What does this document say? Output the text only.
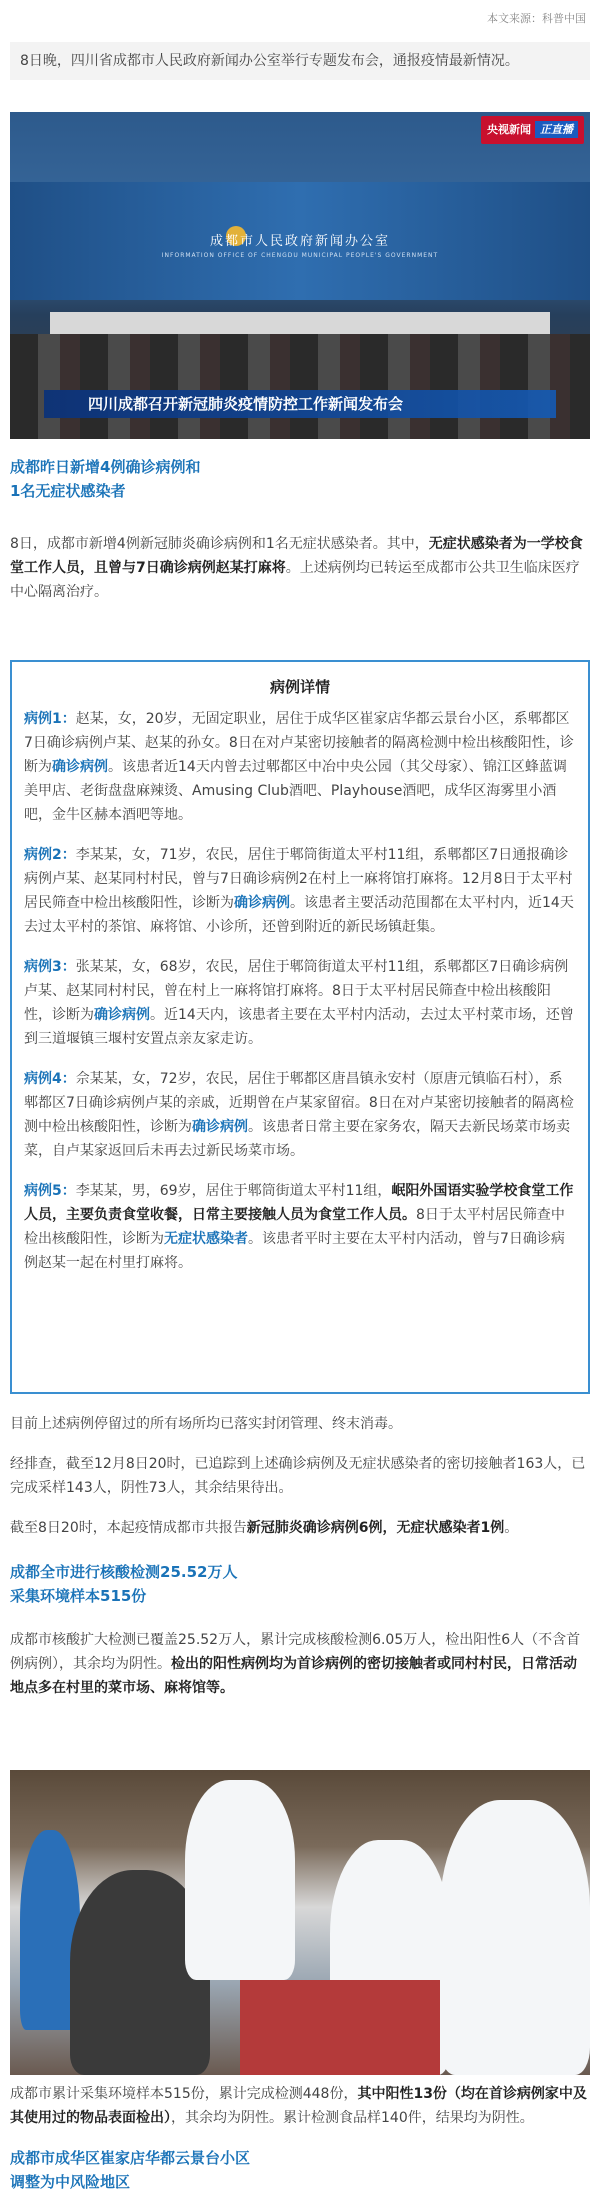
本文来源：科普中国
8日晚，四川省成都市人民政府新闻办公室举行专题发布会，通报疫情最新情况。
成都市人民政府新闻办公室
INFORMATION OFFICE OF CHENGDU MUNICIPAL PEOPLE'S GOVERNMENT
央视新闻 正直播
四川成都召开新冠肺炎疫情防控工作新闻发布会
成都昨日新增4例确诊病例和
1名无症状感染者
8日，成都市新增4例新冠肺炎确诊病例和1名无症状感染者。其中，无症状感染者为一学校食堂工作人员，且曾与7日确诊病例赵某打麻将。上述病例均已转运至成都市公共卫生临床医疗中心隔离治疗。
病例详情
病例1：赵某，女，20岁，无固定职业，居住于成华区崔家店华都云景台小区，系郫都区7日确诊病例卢某、赵某的孙女。8日在对卢某密切接触者的隔离检测中检出核酸阳性，诊断为确诊病例。该患者近14天内曾去过郫都区中冶中央公园（其父母家）、锦江区蜂蓝调美甲店、老街盘盘麻辣烫、Amusing Club酒吧、Playhouse酒吧，成华区海雾里小酒吧，金牛区赫本酒吧等地。
病例2：李某某，女，71岁，农民，居住于郫筒街道太平村11组，系郫都区7日通报确诊病例卢某、赵某同村村民，曾与7日确诊病例2在村上一麻将馆打麻将。12月8日于太平村居民筛查中检出核酸阳性，诊断为确诊病例。该患者主要活动范围都在太平村内，近14天去过太平村的茶馆、麻将馆、小诊所，还曾到附近的新民场镇赶集。
病例3：张某某，女，68岁，农民，居住于郫筒街道太平村11组，系郫都区7日确诊病例卢某、赵某同村村民，曾在村上一麻将馆打麻将。8日于太平村居民筛查中检出核酸阳性，诊断为确诊病例。近14天内，该患者主要在太平村内活动，去过太平村菜市场，还曾到三道堰镇三堰村安置点亲友家走访。
病例4：佘某某，女，72岁，农民，居住于郫都区唐昌镇永安村（原唐元镇临石村），系郫都区7日确诊病例卢某的亲戚，近期曾在卢某家留宿。8日在对卢某密切接触者的隔离检测中检出核酸阳性，诊断为确诊病例。该患者日常主要在家务农，隔天去新民场菜市场卖菜，自卢某家返回后未再去过新民场菜市场。
病例5：李某某，男，69岁，居住于郫筒街道太平村11组，岷阳外国语实验学校食堂工作人员，主要负责食堂收餐，日常主要接触人员为食堂工作人员。8日于太平村居民筛查中检出核酸阳性，诊断为无症状感染者。该患者平时主要在太平村内活动，曾与7日确诊病例赵某一起在村里打麻将。
目前上述病例停留过的所有场所均已落实封闭管理、终末消毒。
经排查，截至12月8日20时，已追踪到上述确诊病例及无症状感染者的密切接触者163人，已完成采样143人，阴性73人，其余结果待出。
截至8日20时，本起疫情成都市共报告新冠肺炎确诊病例6例，无症状感染者1例。
成都全市进行核酸检测25.52万人
采集环境样本515份
成都市核酸扩大检测已覆盖25.52万人，累计完成核酸检测6.05万人，检出阳性6人（不含首例病例），其余均为阴性。检出的阳性病例均为首诊病例的密切接触者或同村村民，日常活动地点多在村里的菜市场、麻将馆等。
成都市累计采集环境样本515份，累计完成检测448份，其中阳性13份（均在首诊病例家中及其使用过的物品表面检出），其余均为阴性。累计检测食品样140件，结果均为阴性。
成都市成华区崔家店华都云景台小区
调整为中风险地区
